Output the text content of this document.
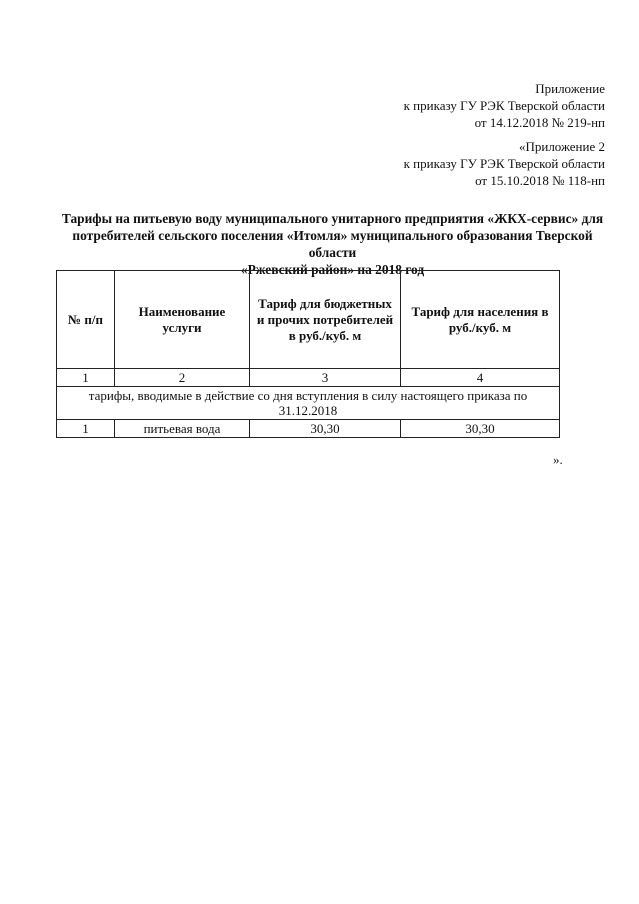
Приложение
к приказу ГУ РЭК Тверской области
от 14.12.2018 № 219-нп
«Приложение 2
к приказу ГУ РЭК Тверской области
от 15.10.2018 № 118-нп
Тарифы на питьевую воду муниципального унитарного предприятия «ЖКХ-сервис» для
потребителей сельского поселения «Итомля» муниципального образования Тверской области
«Ржевский район» на 2018 год
№ п/п	Наименование услуги	Тариф для бюджетных и прочих потребителей в руб./куб. м	Тариф для населения в руб./куб. м
1	2	3	4
тарифы, вводимые в действие со дня вступления в силу настоящего приказа по 31.12.2018			
1	питьевая вода	30,30	30,30
».
